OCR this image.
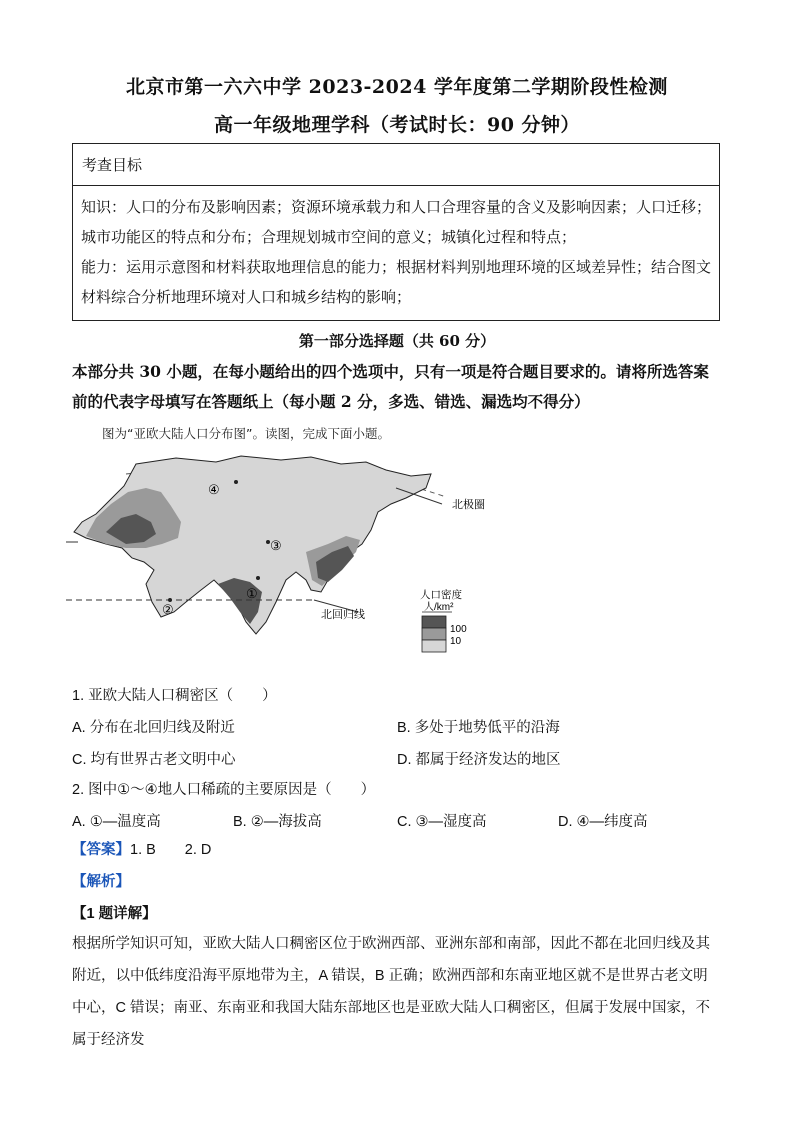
北京市第一六六中学 2023-2024 学年度第二学期阶段性检测
高一年级地理学科（考试时长：90 分钟）
考查目标

知识：人口的分布及影响因素；资源环境承载力和人口合理容量的含义及影响因素；人口迁移；城市功能区的特点和分布；合理规划城市空间的意义；城镇化过程和特点；

能力：运用示意图和材料获取地理信息的能力；根据材料判别地理环境的区域差异性；结合图文材料综合分析地理环境对人口和城乡结构的影响；

第一部分选择题（共 60 分）
本部分共 30 小题，在每小题给出的四个选项中，只有一项是符合题目要求的。请将所选答案前的代表字母填写在答题纸上（每小题 2 分，多选、错选、漏选均不得分）
图为“亚欧大陆人口分布图”。读图，完成下面小题。
④
③
①
②
北极圈
北回归线
人口密度
人/km²
100
10
1. 亚欧大陆人口稠密区（　　）
A. 分布在北回归线及附近	B. 多处于地势低平的沿海
C. 均有世界古老文明中心	D. 都属于经济发达的地区
2. 图中①～④地人口稀疏的主要原因是（　　）
A. ①—温度高	B. ②—海拔高	C. ③—湿度高	D. ④—纬度高
【答案】1. B　　2. D
【解析】
【1 题详解】

根据所学知识可知，亚欧大陆人口稠密区位于欧洲西部、亚洲东部和南部，因此不都在北回归线及其附近，以中低纬度沿海平原地带为主，A 错误，B 正确；欧洲西部和东南亚地区就不是世界古老文明中心，C 错误；南亚、东南亚和我国大陆东部地区也是亚欧大陆人口稠密区，但属于发展中国家，不属于经济发
